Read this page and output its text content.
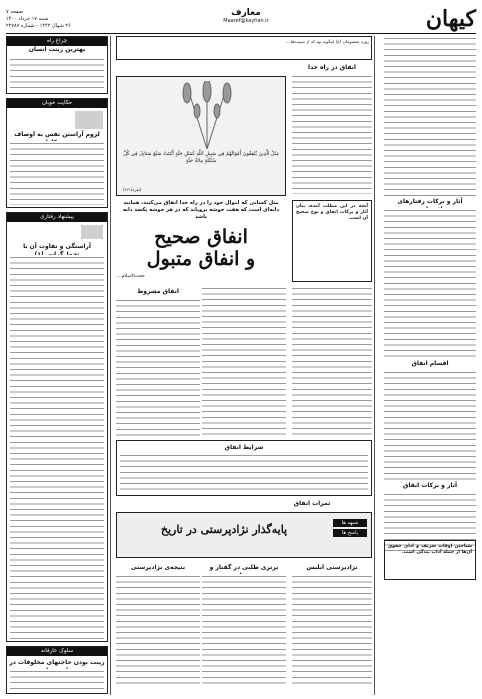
کیهان
معارف
Maaref@kayhan.ir
صفحه ۷
شنبه ۱۷ خرداد ۱۴۰۰
۲۶ شوال ۱۴۴۲ - شماره ۲۲۷۸۷
آثار و برکات رفتارهای
اقسام انفاق
آثار و برکات انفاق
روزه معصومان (ع) اینگونه بود که از سپیده‌ها....
مَثَلُ الَّذِينَ يُنْفِقُونَ أَمْوَالَهُمْ فِي سَبِيلِ اللَّهِ كَمَثَلِ حَبَّةٍ أَنْبَتَتْ سَبْعَ سَنَابِلَ فِي كُلِّ سُنْبُلَةٍ مِائَةُ حَبَّةٍ
(بقره/۲۶۱)
انفاق در راه خدا
مثل کسانی که اموال خود را در راه خدا انفاق می‌کنند، همانند دانه‌ای است که هفت خوشه برویاند که در هر خوشه یکصد دانه باشد
انفاق صحیح
و انفاق متبول
حجت‌الاسلام ...
آنچه در این مطلب آمده، بیان آثار و برکات انفاق و نوع صحیح آن است.
انفاق مشروط
شرایط انفاق
ثمرات انفاق
شبهه ها
پاسخ ها
پایه‌گذار نژادپرستی در تاریخ
نژادپرستی ابلیس
برتری طلبی در گفتار و
نتیجه‌ی نژادپرستی
شناختن اوقات شریف و ادای حقوق آن‌ها از جمله آداب بندگی است.
چراغ راه
بهترین زینت انسان
حکایت خوبان
لزوم آراستن نفس به اوصاف
پیشنهاد رفتاری
آراستگی و تفاوت آن با
سلوک عارفانه
زینت بودن حاجتهای مخلوقات در
